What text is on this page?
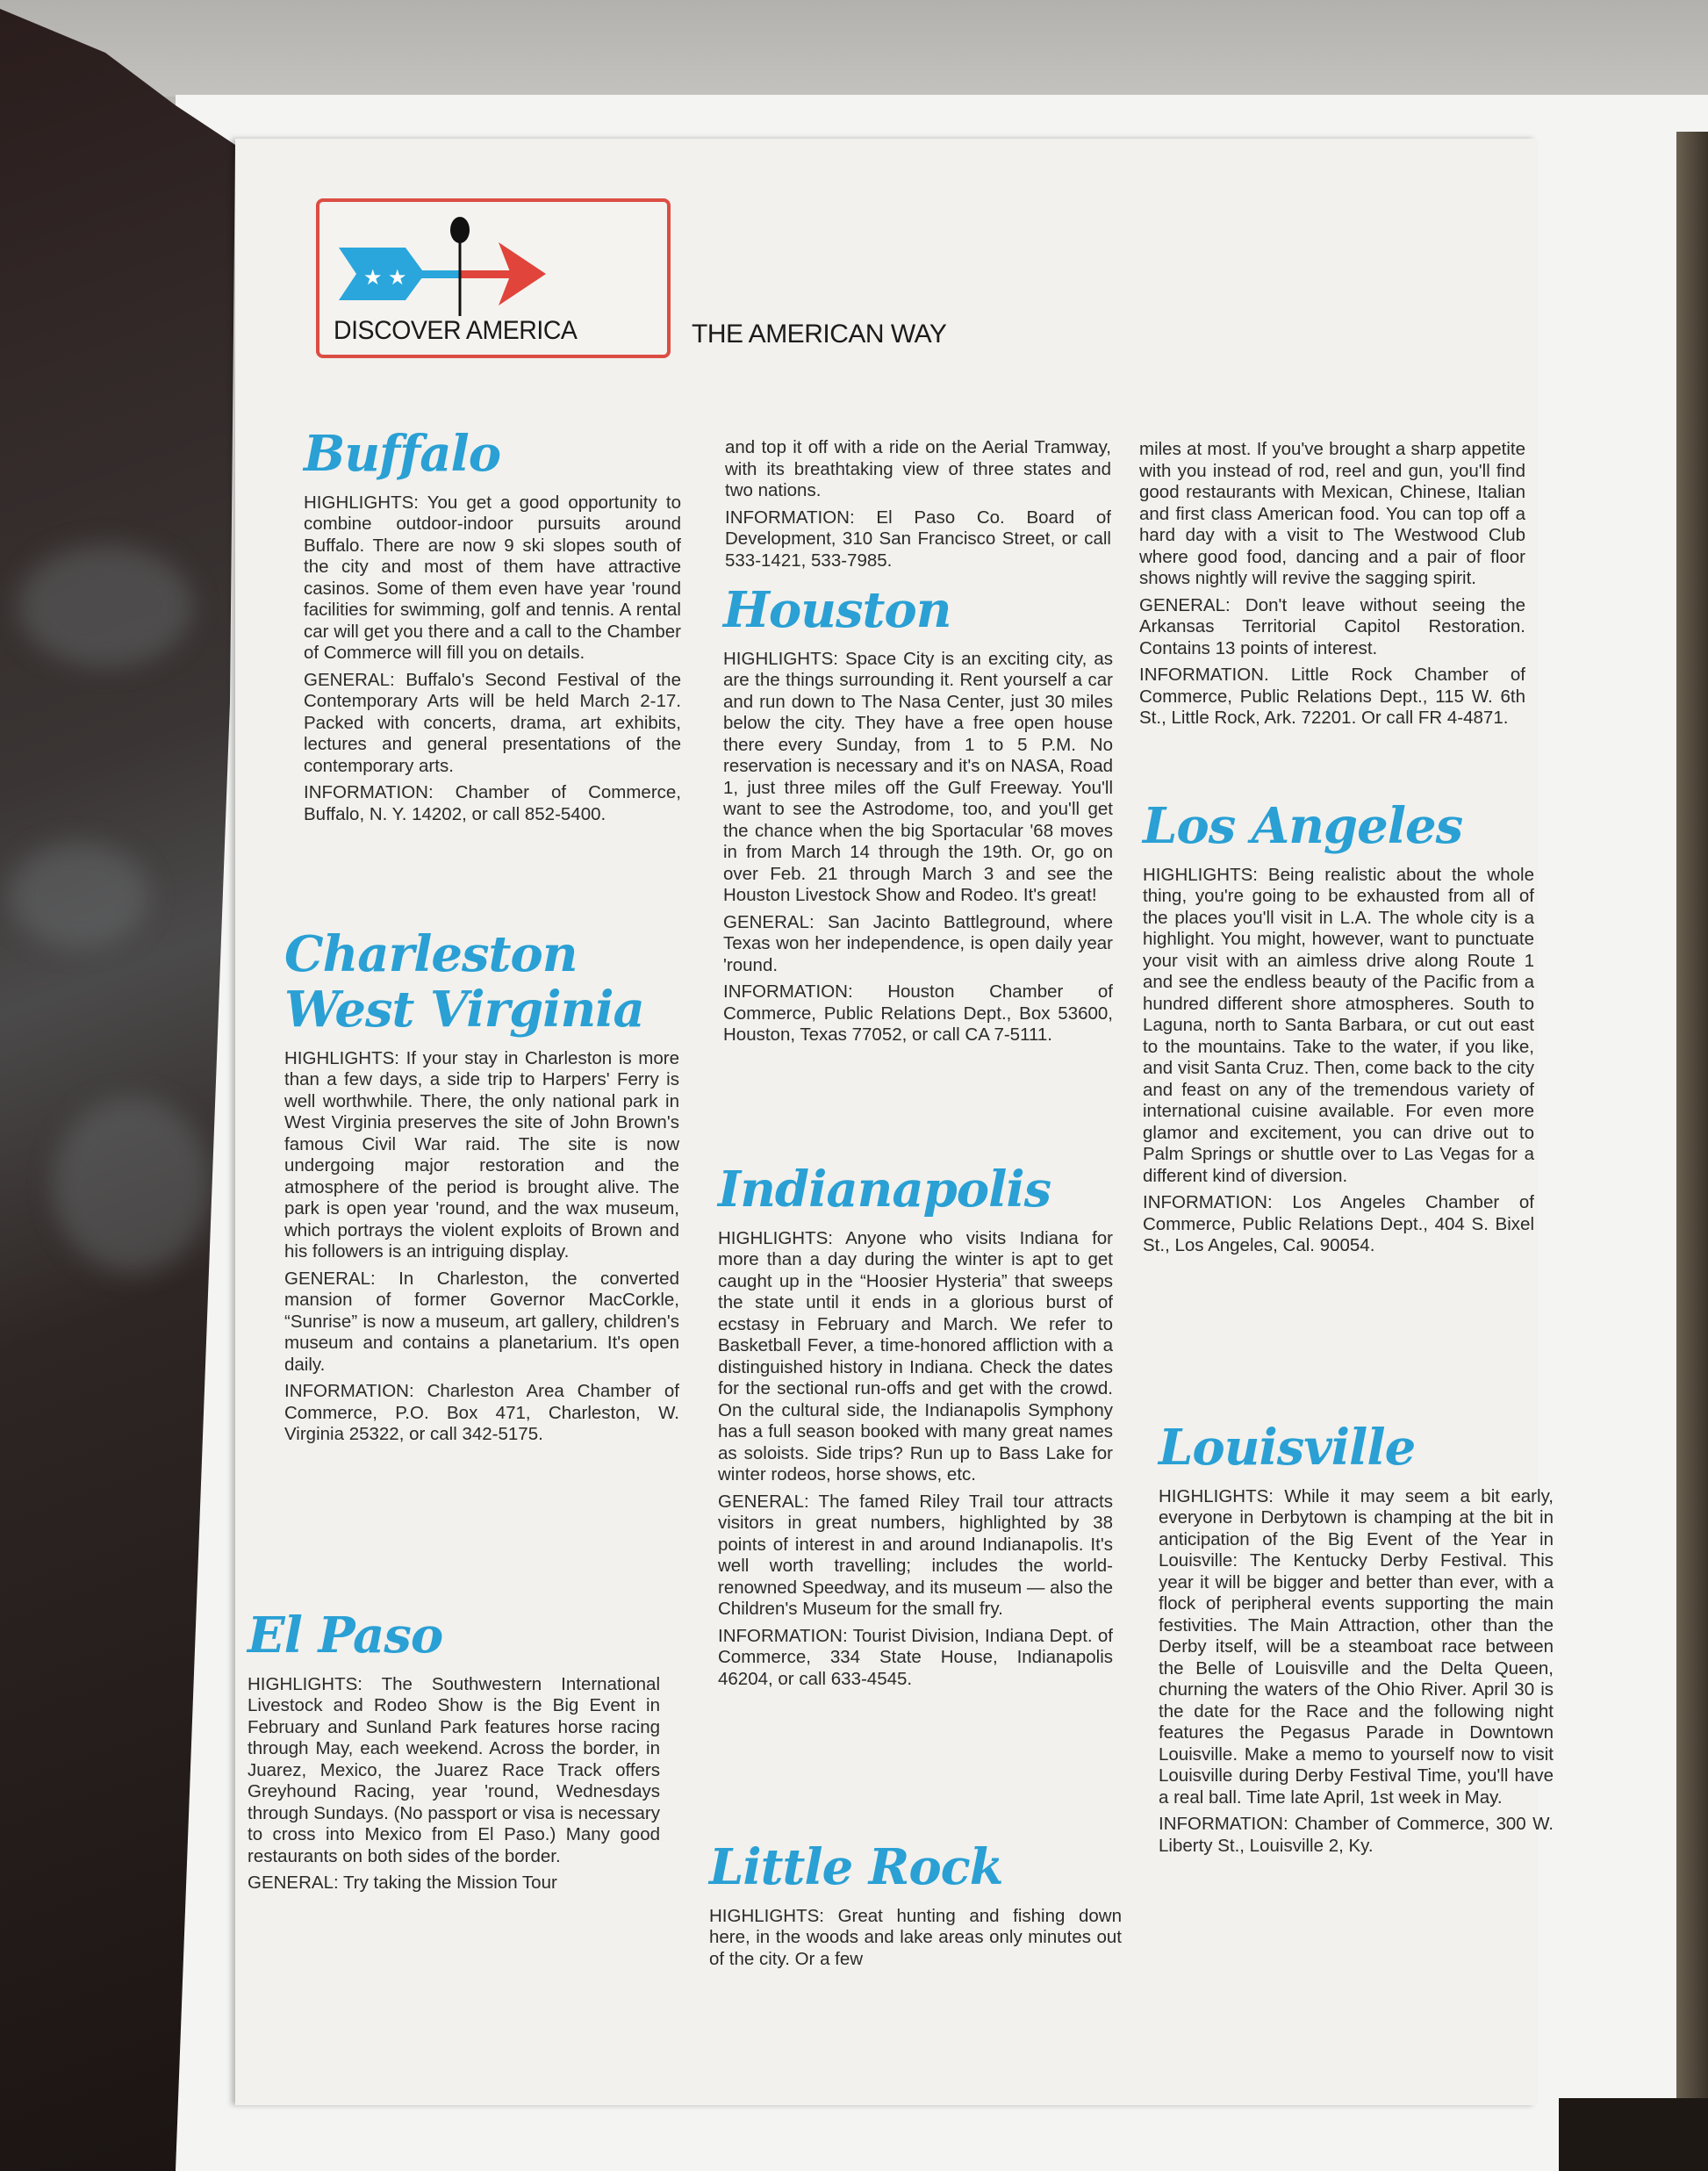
★ ★
DISCOVER AMERICA	THE AMERICAN WAY
Buffalo

HIGHLIGHTS: You get a good opportunity to combine outdoor-indoor pursuits around Buffalo. There are now 9 ski slopes south of the city and most of them have attractive casinos. Some of them even have year 'round facilities for swimming, golf and tennis. A rental car will get you there and a call to the Chamber of Commerce will fill you on details.

GENERAL: Buffalo's Second Festival of the Contemporary Arts will be held March 2-17. Packed with concerts, drama, art exhibits, lectures and general presentations of the contemporary arts.

INFORMATION: Chamber of Commerce, Buffalo, N. Y. 14202, or call 852-5400.

Charleston
West Virginia

HIGHLIGHTS: If your stay in Charleston is more than a few days, a side trip to Harpers' Ferry is well worthwhile. There, the only national park in West Virginia preserves the site of John Brown's famous Civil War raid. The site is now undergoing major restoration and the atmosphere of the period is brought alive. The park is open year 'round, and the wax museum, which portrays the violent exploits of Brown and his followers is an intriguing display.

GENERAL: In Charleston, the converted mansion of former Governor MacCorkle, “Sunrise” is now a museum, art gallery, children's museum and contains a planetarium. It's open daily.

INFORMATION: Charleston Area Chamber of Commerce, P.O. Box 471, Charleston, W. Virginia 25322, or call 342-5175.

El Paso

HIGHLIGHTS: The Southwestern International Livestock and Rodeo Show is the Big Event in February and Sunland Park features horse racing through May, each weekend. Across the border, in Juarez, Mexico, the Juarez Race Track offers Greyhound Racing, year 'round, Wednesdays through Sundays. (No passport or visa is necessary to cross into Mexico from El Paso.) Many good restaurants on both sides of the border.

GENERAL: Try taking the Mission Tour

and top it off with a ride on the Aerial Tramway, with its breathtaking view of three states and two nations.

INFORMATION: El Paso Co. Board of Development, 310 San Francisco Street, or call 533-1421, 533-7985.

Houston

HIGHLIGHTS: Space City is an exciting city, as are the things surrounding it. Rent yourself a car and run down to The Nasa Center, just 30 miles below the city. They have a free open house there every Sunday, from 1 to 5 P.M. No reservation is necessary and it's on NASA, Road 1, just three miles off the Gulf Freeway. You'll want to see the Astrodome, too, and you'll get the chance when the big Sportacular '68 moves in from March 14 through the 19th. Or, go on over Feb. 21 through March 3 and see the Houston Livestock Show and Rodeo. It's great!

GENERAL: San Jacinto Battleground, where Texas won her independence, is open daily year 'round.

INFORMATION: Houston Chamber of Commerce, Public Relations Dept., Box 53600, Houston, Texas 77052, or call CA 7-5111.

Indianapolis

HIGHLIGHTS: Anyone who visits Indiana for more than a day during the winter is apt to get caught up in the “Hoosier Hysteria” that sweeps the state until it ends in a glorious burst of ecstasy in February and March. We refer to Basketball Fever, a time-honored affliction with a distinguished history in Indiana. Check the dates for the sectional run-offs and get with the crowd. On the cultural side, the Indianapolis Symphony has a full season booked with many great names as soloists. Side trips? Run up to Bass Lake for winter rodeos, horse shows, etc.

GENERAL: The famed Riley Trail tour attracts visitors in great numbers, highlighted by 38 points of interest in and around Indianapolis. It's well worth travelling; includes the world-renowned Speedway, and its museum — also the Children's Museum for the small fry.

INFORMATION: Tourist Division, Indiana Dept. of Commerce, 334 State House, Indianapolis 46204, or call 633-4545.

Little Rock

HIGHLIGHTS: Great hunting and fishing down here, in the woods and lake areas only minutes out of the city. Or a few

miles at most. If you've brought a sharp appetite with you instead of rod, reel and gun, you'll find good restaurants with Mexican, Chinese, Italian and first class American food. You can top off a hard day with a visit to The Westwood Club where good food, dancing and a pair of floor shows nightly will revive the sagging spirit.

GENERAL: Don't leave without seeing the Arkansas Territorial Capitol Restoration. Contains 13 points of interest.

INFORMATION. Little Rock Chamber of Commerce, Public Relations Dept., 115 W. 6th St., Little Rock, Ark. 72201. Or call FR 4-4871.

Los Angeles

HIGHLIGHTS: Being realistic about the whole thing, you're going to be exhausted from all of the places you'll visit in L.A. The whole city is a highlight. You might, however, want to punctuate your visit with an aimless drive along Route 1 and see the endless beauty of the Pacific from a hundred different shore atmospheres. South to Laguna, north to Santa Barbara, or cut out east to the mountains. Take to the water, if you like, and visit Santa Cruz. Then, come back to the city and feast on any of the tremendous variety of international cuisine available. For even more glamor and excitement, you can drive out to Palm Springs or shuttle over to Las Vegas for a different kind of diversion.

INFORMATION: Los Angeles Chamber of Commerce, Public Relations Dept., 404 S. Bixel St., Los Angeles, Cal. 90054.

Louisville

HIGHLIGHTS: While it may seem a bit early, everyone in Derbytown is champing at the bit in anticipation of the Big Event of the Year in Louisville: The Kentucky Derby Festival. This year it will be bigger and better than ever, with a flock of peripheral events supporting the main festivities. The Main Attraction, other than the Derby itself, will be a steamboat race between the Belle of Louisville and the Delta Queen, churning the waters of the Ohio River. April 30 is the date for the Race and the following night features the Pegasus Parade in Downtown Louisville. Make a memo to yourself now to visit Louisville during Derby Festival Time, you'll have a real ball. Time late April, 1st week in May.

INFORMATION: Chamber of Commerce, 300 W. Liberty St., Louisville 2, Ky.
